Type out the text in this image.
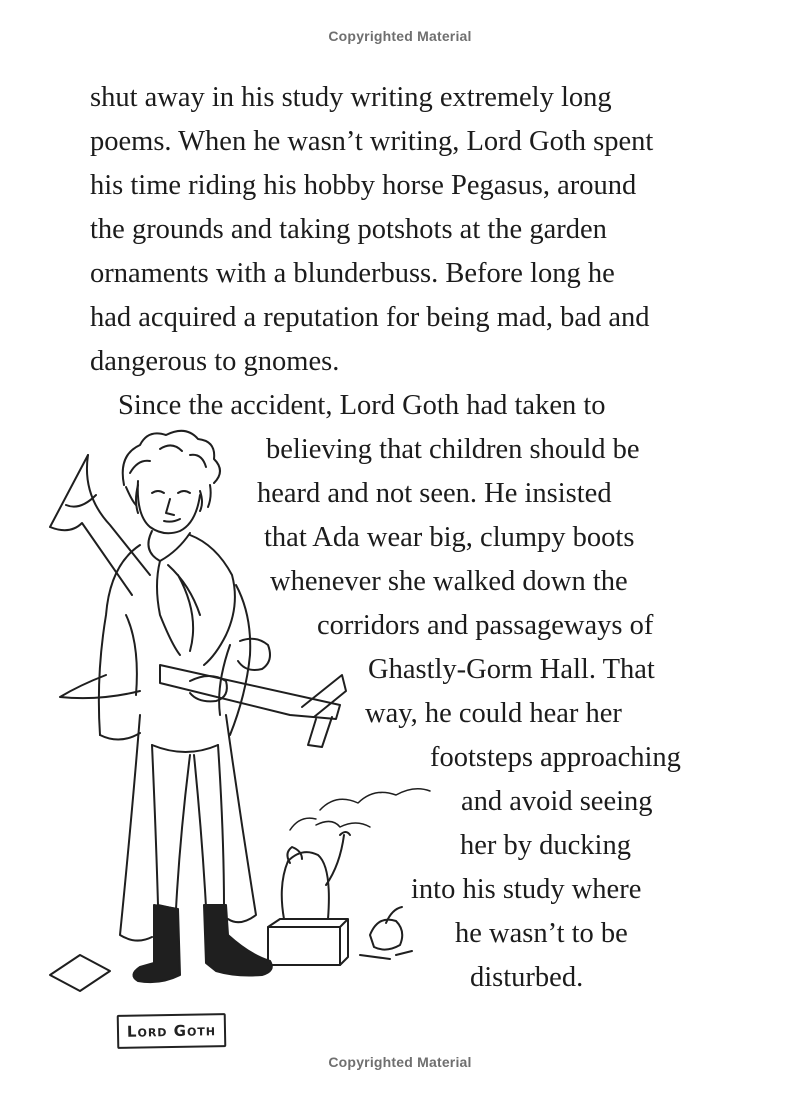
Copyrighted Material
shut away in his study writing extremely long
poems. When he wasn’t writing, Lord Goth spent
his time riding his hobby horse Pegasus, around
the grounds and taking potshots at the garden
ornaments with a blunderbuss. Before long he
had acquired a reputation for being mad, bad and
dangerous to gnomes.
Since the accident, Lord Goth had taken to
believing that children should be
heard and not seen. He insisted
that Ada wear big, clumpy boots
whenever she walked down the
corridors and passageways of
Ghastly-Gorm Hall. That
way, he could hear her
footsteps approaching
and avoid seeing
her by ducking
into his study where
he wasn’t to be
disturbed.
Lord Goth
Copyrighted Material
